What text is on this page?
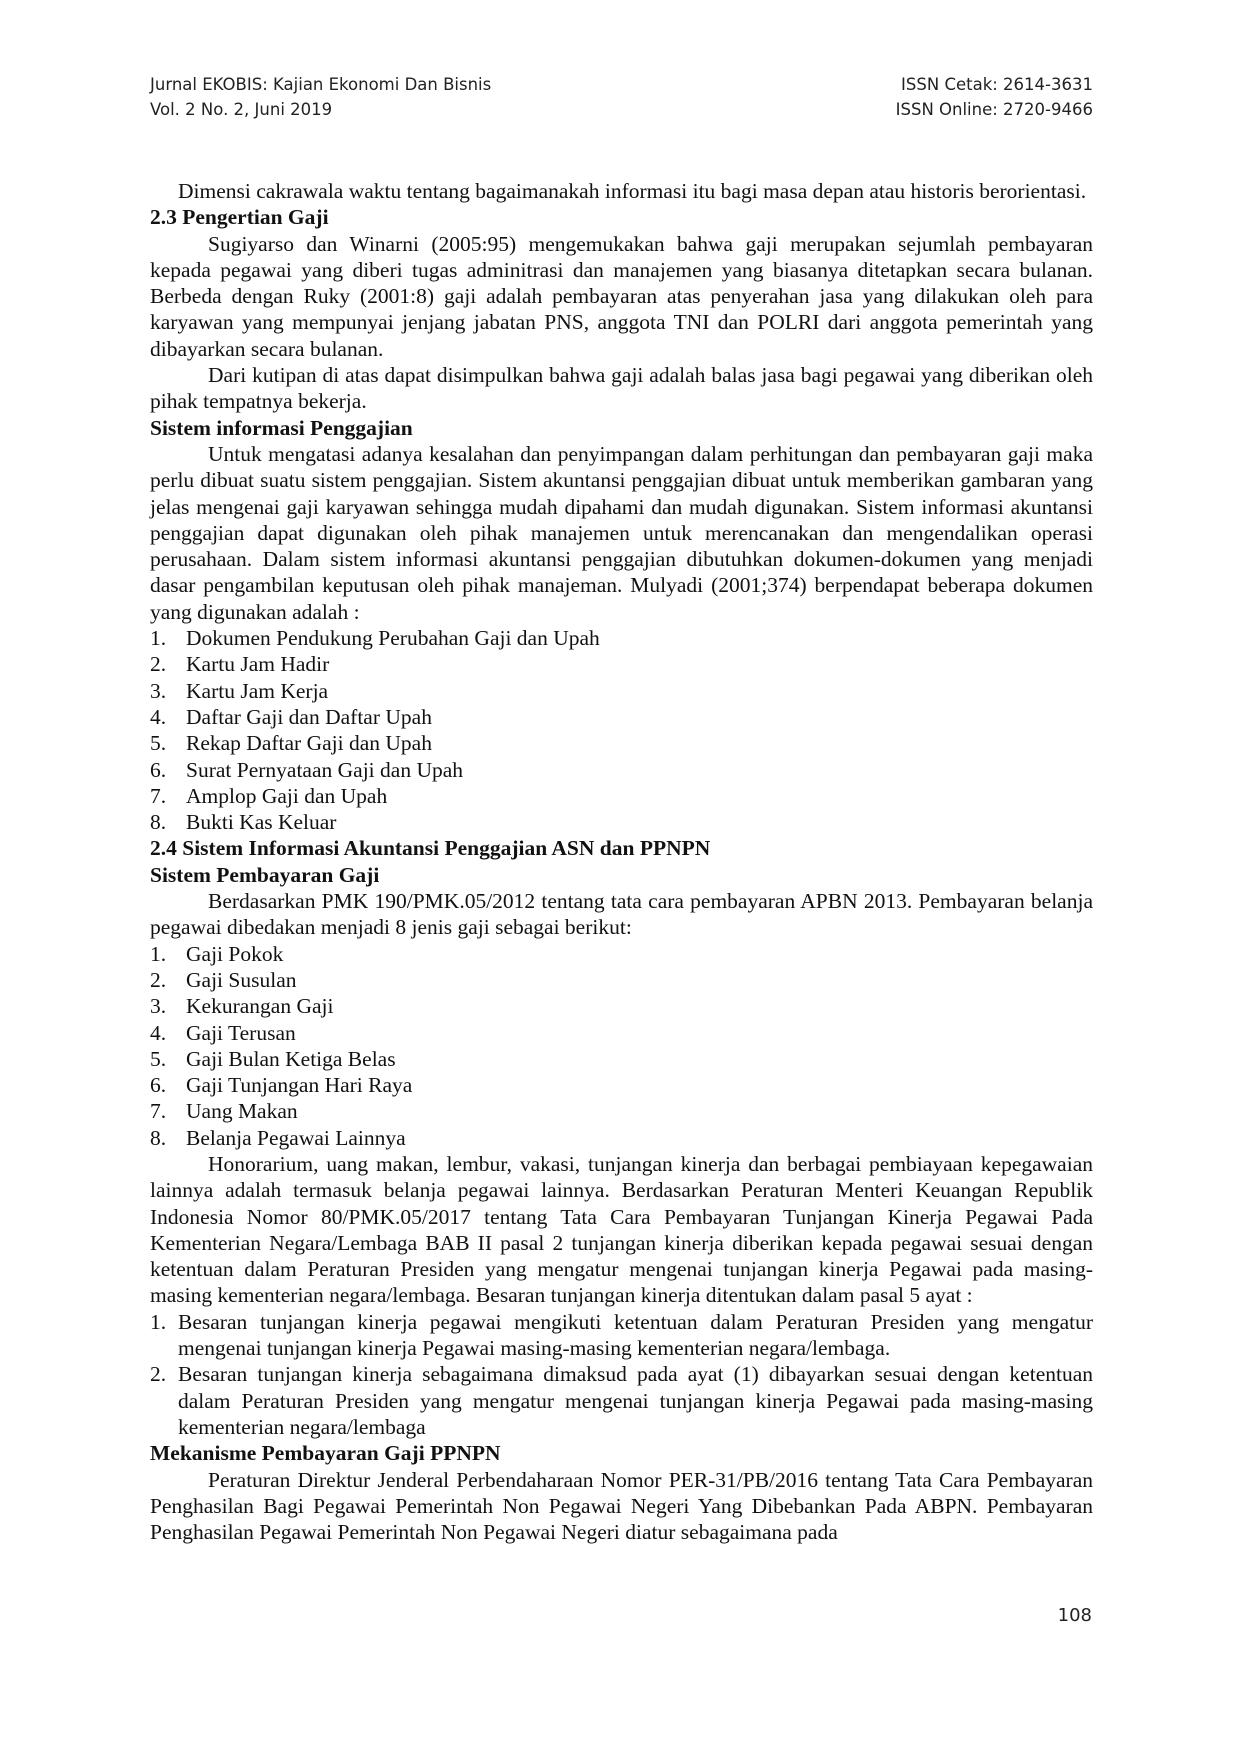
Jurnal EKOBIS: Kajian Ekonomi Dan Bisnis	ISSN Cetak: 2614-3631
Vol. 2 No. 2, Juni 2019	ISSN Online: 2720-9466

Dimensi cakrawala waktu tentang bagaimanakah informasi itu bagi masa depan atau historis berorientasi.

2.3 Pengertian Gaji

Sugiyarso dan Winarni (2005:95) mengemukakan bahwa gaji merupakan sejumlah pembayaran kepada pegawai yang diberi tugas adminitrasi dan manajemen yang biasanya ditetapkan secara bulanan. Berbeda dengan Ruky (2001:8) gaji adalah pembayaran atas penyerahan jasa yang dilakukan oleh para karyawan yang mempunyai jenjang jabatan PNS, anggota TNI dan POLRI dari anggota pemerintah yang dibayarkan secara bulanan.

Dari kutipan di atas dapat disimpulkan bahwa gaji adalah balas jasa bagi pegawai yang diberikan oleh pihak tempatnya bekerja.

Sistem informasi Penggajian

Untuk mengatasi adanya kesalahan dan penyimpangan dalam perhitungan dan pembayaran gaji maka perlu dibuat suatu sistem penggajian. Sistem akuntansi penggajian dibuat untuk memberikan gambaran yang jelas mengenai gaji karyawan sehingga mudah dipahami dan mudah digunakan. Sistem informasi akuntansi penggajian dapat digunakan oleh pihak manajemen untuk merencanakan dan mengendalikan operasi perusahaan. Dalam sistem informasi akuntansi penggajian dibutuhkan dokumen-dokumen yang menjadi dasar pengambilan keputusan oleh pihak manajeman. Mulyadi (2001;374) berpendapat beberapa dokumen yang digunakan adalah :

1. Dokumen Pendukung Perubahan Gaji dan Upah
2. Kartu Jam Hadir
3. Kartu Jam Kerja
4. Daftar Gaji dan Daftar Upah
5. Rekap Daftar Gaji dan Upah
6. Surat Pernyataan Gaji dan Upah
7. Amplop Gaji dan Upah
8. Bukti Kas Keluar
2.4 Sistem Informasi Akuntansi Penggajian ASN dan PPNPN
Sistem Pembayaran Gaji

Berdasarkan PMK 190/PMK.05/2012 tentang tata cara pembayaran APBN 2013. Pembayaran belanja pegawai dibedakan menjadi 8 jenis gaji sebagai berikut:

1. Gaji Pokok
2. Gaji Susulan
3. Kekurangan Gaji
4. Gaji Terusan
5. Gaji Bulan Ketiga Belas
6. Gaji Tunjangan Hari Raya
7. Uang Makan
8. Belanja Pegawai Lainnya

Honorarium, uang makan, lembur, vakasi, tunjangan kinerja dan berbagai pembiayaan kepegawaian lainnya adalah termasuk belanja pegawai lainnya. Berdasarkan Peraturan Menteri Keuangan Republik Indonesia Nomor 80/PMK.05/2017 tentang Tata Cara Pembayaran Tunjangan Kinerja Pegawai Pada Kementerian Negara/Lembaga BAB II pasal 2 tunjangan kinerja diberikan kepada pegawai sesuai dengan ketentuan dalam Peraturan Presiden yang mengatur mengenai tunjangan kinerja Pegawai pada masing-masing kementerian negara/lembaga. Besaran tunjangan kinerja ditentukan dalam pasal 5 ayat :

1. Besaran tunjangan kinerja pegawai mengikuti ketentuan dalam Peraturan Presiden yang mengatur mengenai tunjangan kinerja Pegawai masing-masing kementerian negara/lembaga.
2. Besaran tunjangan kinerja sebagaimana dimaksud pada ayat (1) dibayarkan sesuai dengan ketentuan dalam Peraturan Presiden yang mengatur mengenai tunjangan kinerja Pegawai pada masing-masing kementerian negara/lembaga
Mekanisme Pembayaran Gaji PPNPN

Peraturan Direktur Jenderal Perbendaharaan Nomor PER-31/PB/2016 tentang Tata Cara Pembayaran Penghasilan Bagi Pegawai Pemerintah Non Pegawai Negeri Yang Dibebankan Pada ABPN. Pembayaran Penghasilan Pegawai Pemerintah Non Pegawai Negeri diatur sebagaimana pada

108
